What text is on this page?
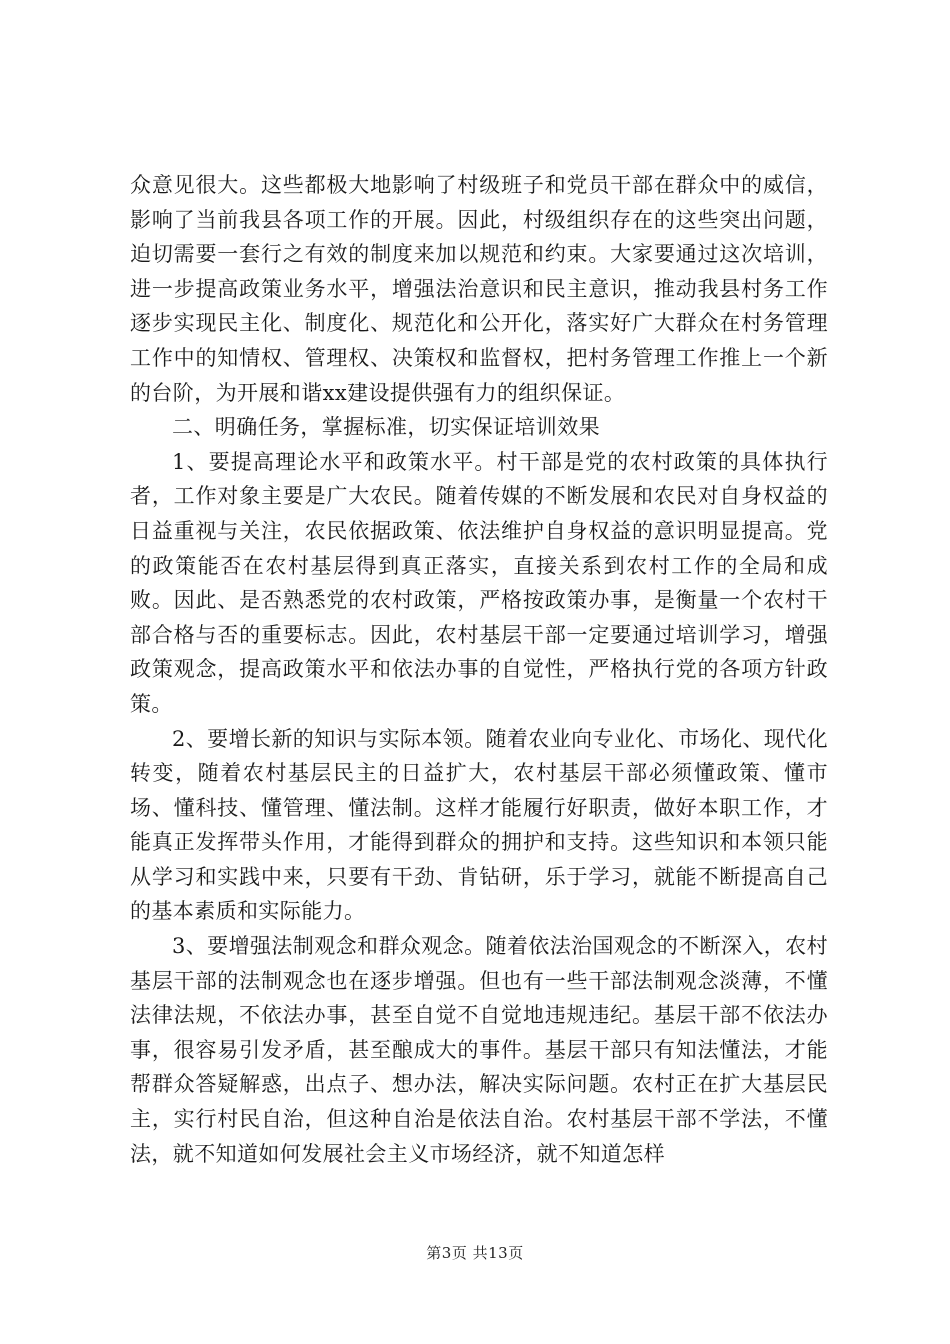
众意见很大。这些都极大地影响了村级班子和党员干部在群众中的威信，影响了当前我县各项工作的开展。因此，村级组织存在的这些突出问题，迫切需要一套行之有效的制度来加以规范和约束。大家要通过这次培训，进一步提高政策业务水平，增强法治意识和民主意识，推动我县村务工作逐步实现民主化、制度化、规范化和公开化，落实好广大群众在村务管理工作中的知情权、管理权、决策权和监督权，把村务管理工作推上一个新的台阶，为开展和谐xx建设提供强有力的组织保证。

二、明确任务，掌握标准，切实保证培训效果

1、要提高理论水平和政策水平。村干部是党的农村政策的具体执行者，工作对象主要是广大农民。随着传媒的不断发展和农民对自身权益的日益重视与关注，农民依据政策、依法维护自身权益的意识明显提高。党的政策能否在农村基层得到真正落实，直接关系到农村工作的全局和成败。因此、是否熟悉党的农村政策，严格按政策办事，是衡量一个农村干部合格与否的重要标志。因此，农村基层干部一定要通过培训学习，增强政策观念，提高政策水平和依法办事的自觉性，严格执行党的各项方针政策。

2、要增长新的知识与实际本领。随着农业向专业化、市场化、现代化转变，随着农村基层民主的日益扩大，农村基层干部必须懂政策、懂市场、懂科技、懂管理、懂法制。这样才能履行好职责，做好本职工作，才能真正发挥带头作用，才能得到群众的拥护和支持。这些知识和本领只能从学习和实践中来，只要有干劲、肯钻研，乐于学习，就能不断提高自己的基本素质和实际能力。

3、要增强法制观念和群众观念。随着依法治国观念的不断深入，农村基层干部的法制观念也在逐步增强。但也有一些干部法制观念淡薄，不懂法律法规，不依法办事，甚至自觉不自觉地违规违纪。基层干部不依法办事，很容易引发矛盾，甚至酿成大的事件。基层干部只有知法懂法，才能帮群众答疑解惑，出点子、想办法，解决实际问题。农村正在扩大基层民主，实行村民自治，但这种自治是依法自治。农村基层干部不学法，不懂法，就不知道如何发展社会主义市场经济，就不知道怎样

第3页 共13页
